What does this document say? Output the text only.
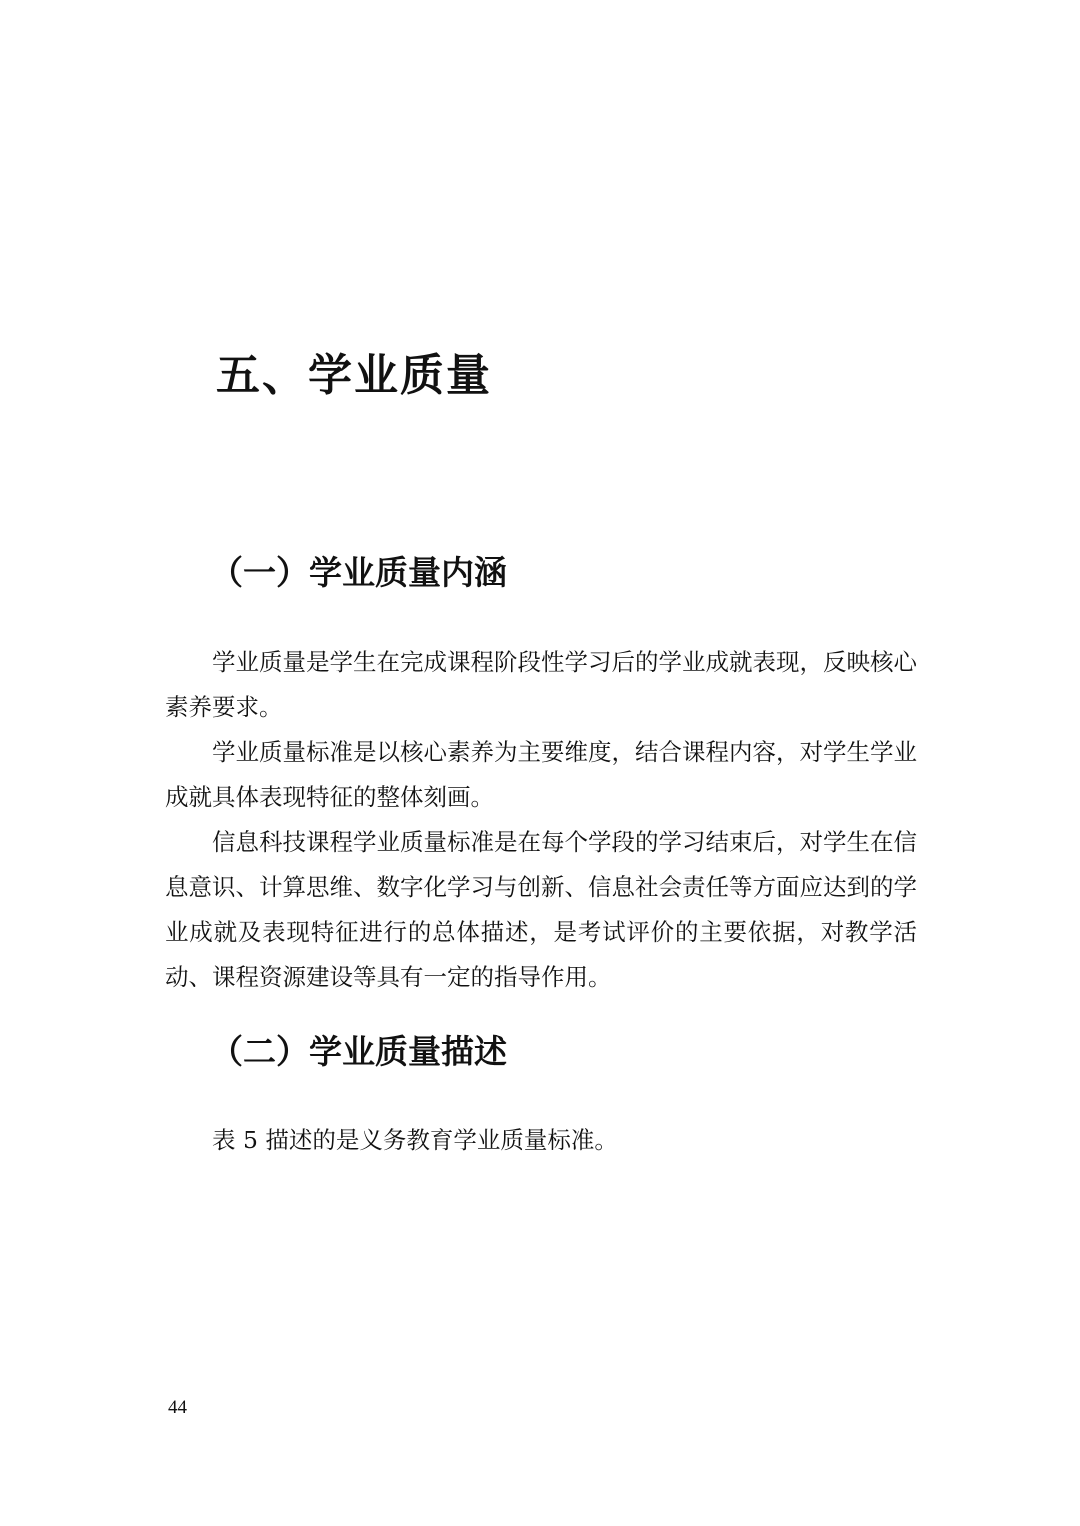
五、学业质量
（一）学业质量内涵

学业质量是学生在完成课程阶段性学习后的学业成就表现，反映核心素养要求。

学业质量标准是以核心素养为主要维度，结合课程内容，对学生学业成就具体表现特征的整体刻画。

信息科技课程学业质量标准是在每个学段的学习结束后，对学生在信息意识、计算思维、数字化学习与创新、信息社会责任等方面应达到的学业成就及表现特征进行的总体描述，是考试评价的主要依据，对教学活动、课程资源建设等具有一定的指导作用。

（二）学业质量描述

表 5 描述的是义务教育学业质量标准。

44
